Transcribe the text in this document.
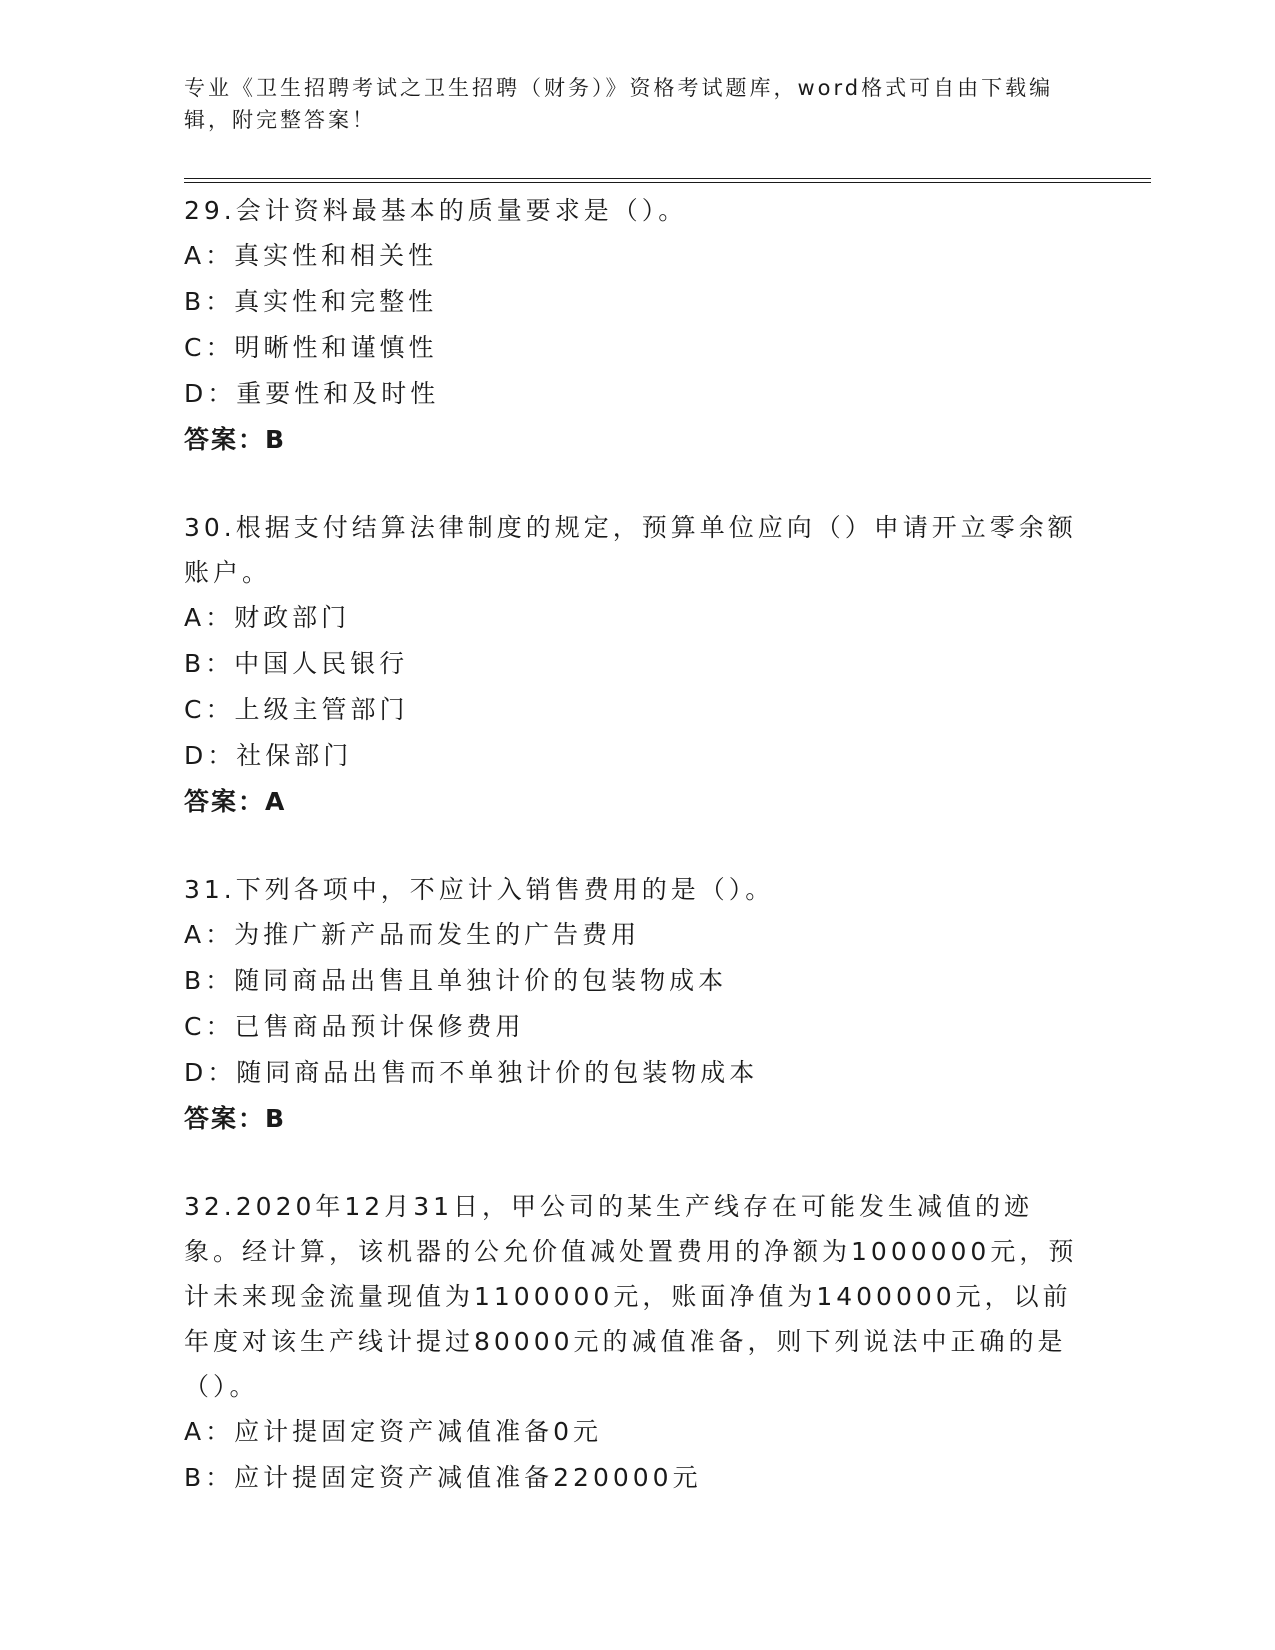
专业《卫生招聘考试之卫生招聘（财务）》资格考试题库，word格式可自由下载编辑，附完整答案！
29.会计资料最基本的质量要求是（）。
A：真实性和相关性
B：真实性和完整性
C：明晰性和谨慎性
D：重要性和及时性
答案：B
30.根据支付结算法律制度的规定，预算单位应向（）申请开立零余额账户。
A：财政部门
B：中国人民银行
C：上级主管部门
D：社保部门
答案：A
31.下列各项中，不应计入销售费用的是（）。
A：为推广新产品而发生的广告费用
B：随同商品出售且单独计价的包装物成本
C：已售商品预计保修费用
D：随同商品出售而不单独计价的包装物成本
答案：B
32.2020年12月31日，甲公司的某生产线存在可能发生减值的迹象。经计算，该机器的公允价值减处置费用的净额为1000000元，预计未来现金流量现值为1100000元，账面净值为1400000元，以前年度对该生产线计提过80000元的减值准备，则下列说法中正确的是（）。
A：应计提固定资产减值准备0元
B：应计提固定资产减值准备220000元
